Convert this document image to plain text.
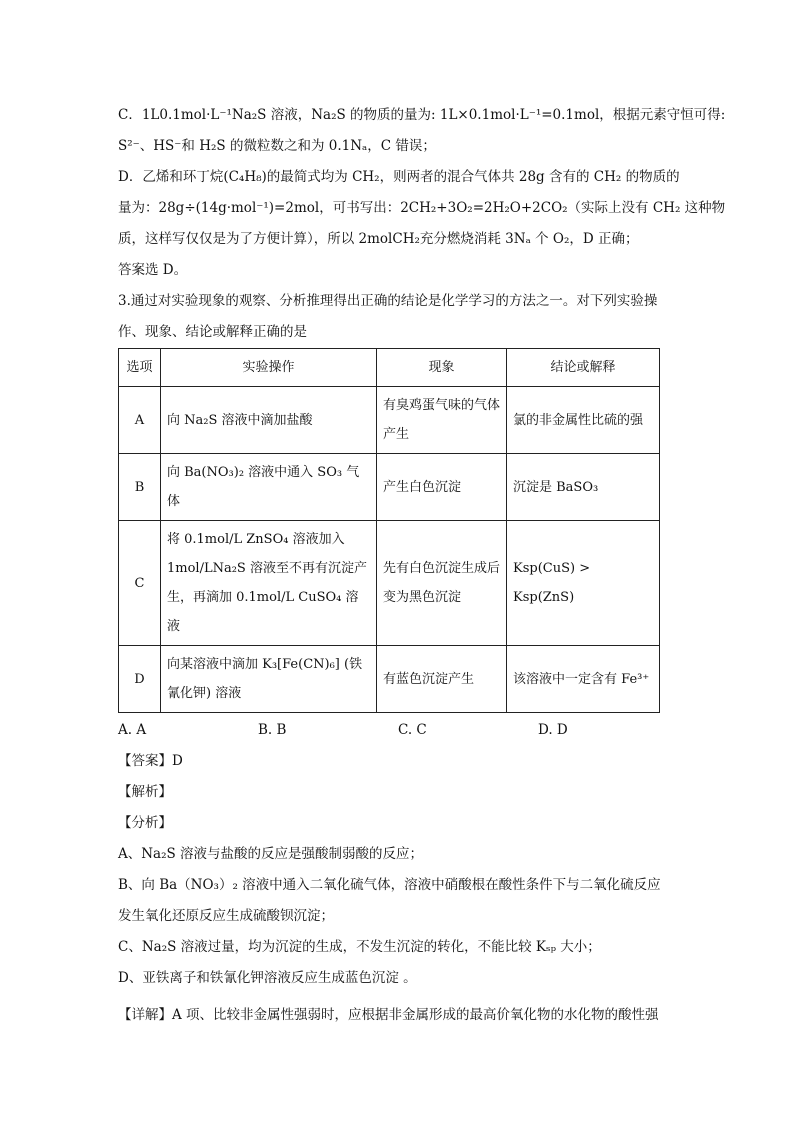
C．1L0.1mol·L⁻¹Na₂S 溶液，Na₂S 的物质的量为: 1L×0.1mol·L⁻¹=0.1mol，根据元素守恒可得:

S²⁻、HS⁻和 H₂S 的微粒数之和为 0.1Nₐ，C 错误；

D．乙烯和环丁烷(C₄H₈)的最简式均为 CH₂，则两者的混合气体共 28g 含有的 CH₂ 的物质的

量为：28g÷(14g·mol⁻¹)=2mol，可书写出：2CH₂+3O₂=2H₂O+2CO₂（实际上没有 CH₂ 这种物

质，这样写仅仅是为了方便计算），所以 2molCH₂充分燃烧消耗 3Nₐ 个 O₂，D 正确；

答案选 D。

3.通过对实验现象的观察、分析推理得出正确的结论是化学学习的方法之一。对下列实验操

作、现象、结论或解释正确的是

选项	实验操作	现象	结论或解释
A	向 Na₂S 溶液中滴加盐酸	有臭鸡蛋气味的气体产生	氯的非金属性比硫的强
B	向 Ba(NO₃)₂ 溶液中通入 SO₃ 气体	产生白色沉淀	沉淀是 BaSO₃
C	将 0.1mol/L ZnSO₄ 溶液加入 1mol/LNa₂S 溶液至不再有沉淀产生，再滴加 0.1mol/L CuSO₄ 溶液	先有白色沉淀生成后变为黑色沉淀	Ksp(CuS) > Ksp(ZnS)
D	向某溶液中滴加 K₃[Fe(CN)₆] (铁氰化钾) 溶液	有蓝色沉淀产生	该溶液中一定含有 Fe³⁺
A. A	B. B	C. C	D. D

【答案】D

【解析】

【分析】

A、Na₂S 溶液与盐酸的反应是强酸制弱酸的反应；

B、向 Ba（NO₃）₂ 溶液中通入二氧化硫气体，溶液中硝酸根在酸性条件下与二氧化硫反应

发生氧化还原反应生成硫酸钡沉淀；

C、Na₂S 溶液过量，均为沉淀的生成，不发生沉淀的转化，不能比较 Kₛₚ 大小；

D、亚铁离子和铁氰化钾溶液反应生成蓝色沉淀 。

【详解】A 项、比较非金属性强弱时，应根据非金属形成的最高价氧化物的水化物的酸性强
